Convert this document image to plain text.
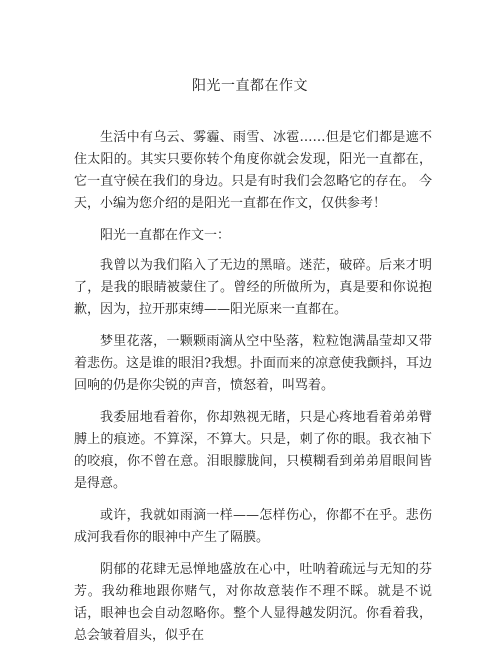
阳光一直都在作文

生活中有乌云、雾霾、雨雪、冰雹……但是它们都是遮不住太阳的。其实只要你转个角度你就会发现，阳光一直都在，它一直守候在我们的身边。只是有时我们会忽略它的存在。 今天，小编为您介绍的是阳光一直都在作文，仅供参考！

阳光一直都在作文一：

我曾以为我们陷入了无边的黑暗。迷茫，破碎。后来才明了，是我的眼睛被蒙住了。曾经的所做所为，真是要和你说抱歉，因为，拉开那束缚——阳光原来一直都在。

梦里花落，一颗颗雨滴从空中坠落，粒粒饱满晶莹却又带着悲伤。这是谁的眼泪?我想。扑面而来的凉意使我颤抖，耳边回响的仍是你尖锐的声音，愤怒着，叫骂着。

我委屈地看着你，你却熟视无睹，只是心疼地看着弟弟臂膊上的痕迹。不算深，不算大。只是，刺了你的眼。我衣袖下的咬痕，你不曾在意。泪眼朦胧间，只模糊看到弟弟眉眼间皆是得意。

或许，我就如雨滴一样——怎样伤心，你都不在乎。悲伤成河我看你的眼神中产生了隔膜。

阴郁的花肆无忌惮地盛放在心中，吐呐着疏远与无知的芬芳。我幼稚地跟你赌气，对你故意装作不理不睬。就是不说话，眼神也会自动忽略你。整个人显得越发阴沉。你看着我，总会皱着眉头，似乎在
